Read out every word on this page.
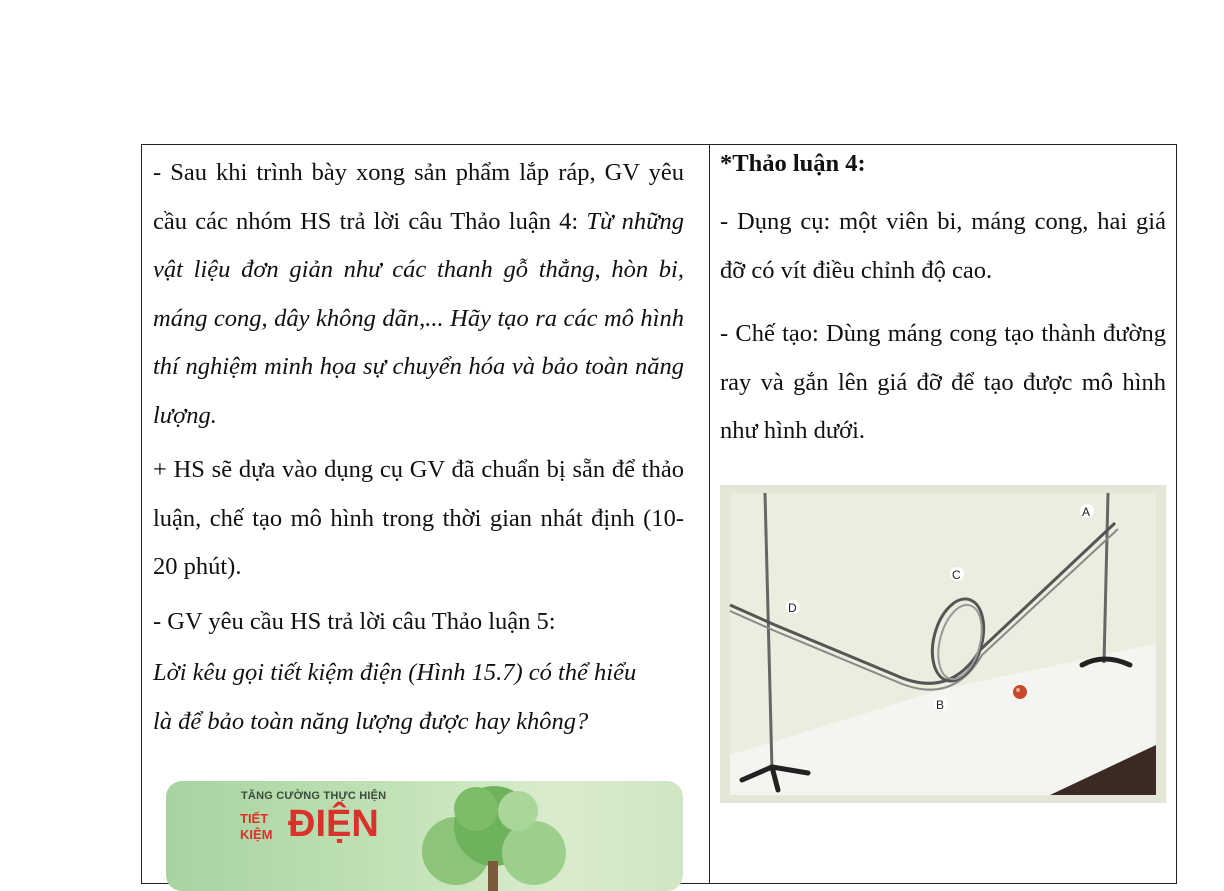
- Sau khi trình bày xong sản phẩm lắp ráp, GV yêu cầu các nhóm HS trả lời câu Thảo luận 4: Từ những vật liệu đơn giản như các thanh gỗ thẳng, hòn bi, máng cong, dây không dãn,... Hãy tạo ra các mô hình thí nghiệm minh họa sự chuyển hóa và bảo toàn năng lượng.

+ HS sẽ dựa vào dụng cụ GV đã chuẩn bị sẵn để thảo luận, chế tạo mô hình trong thời gian nhát định (10-20 phút).

- GV yêu cầu HS trả lời câu Thảo luận 5:

Lời kêu gọi tiết kiệm điện (Hình 15.7) có thể hiểu

là để bảo toàn năng lượng được hay không?

TĂNG CƯỜNG THỰC HIỆN
TIẾT
KIỆM ĐIỆN

*Thảo luận 4:

- Dụng cụ: một viên bi, máng cong, hai giá đỡ có vít điều chỉnh độ cao.

- Chế tạo: Dùng máng cong tạo thành đường ray và gắn lên giá đỡ để tạo được mô hình như hình dưới.

A
B
C
D
